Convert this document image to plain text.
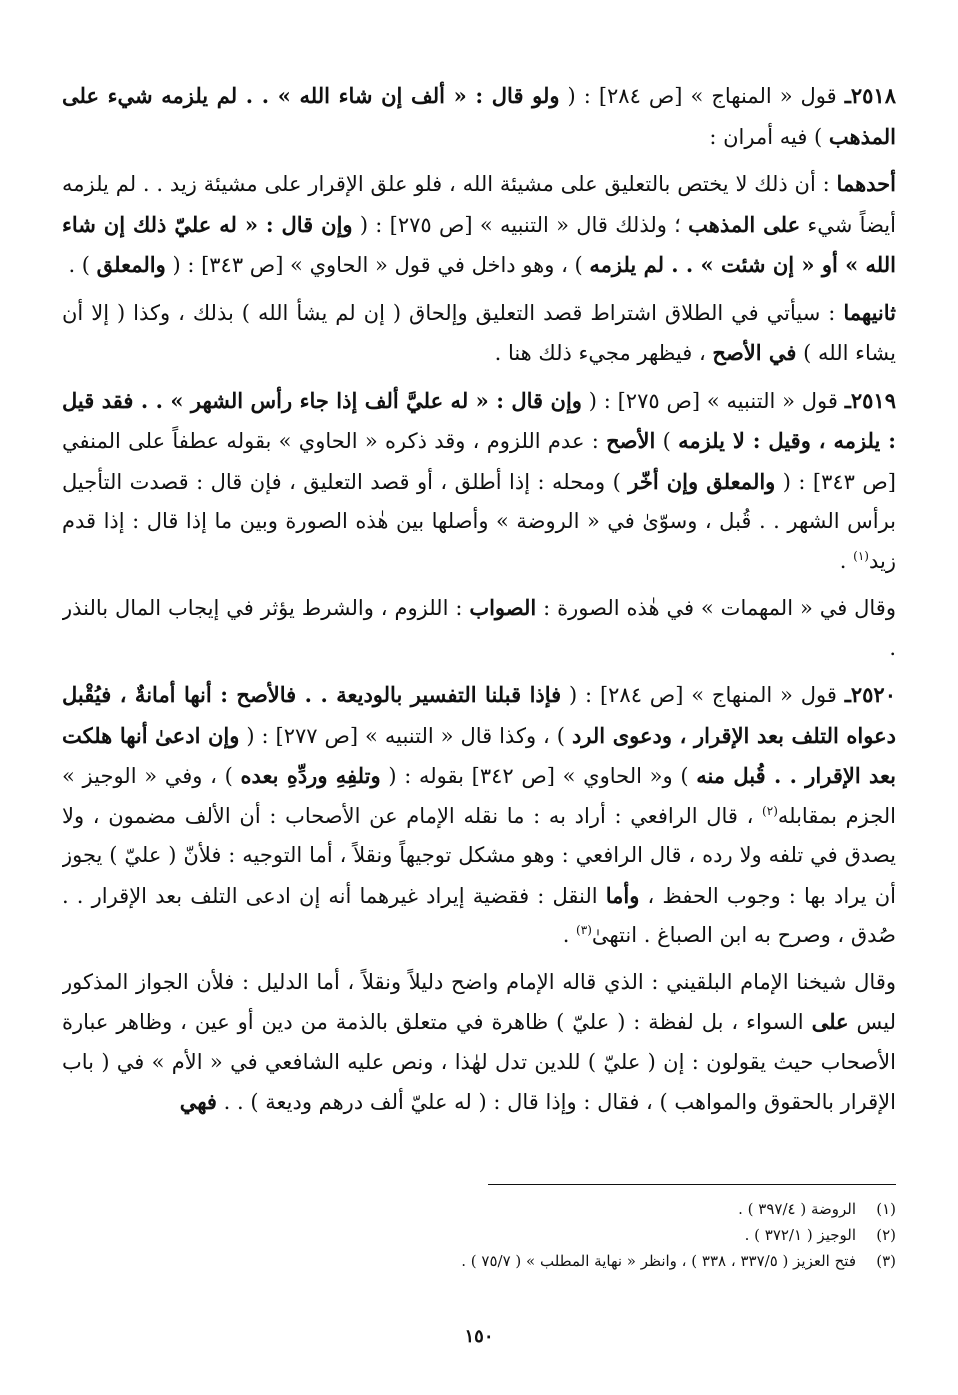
٢٥١٨ـ قول « المنهاج » [ص ٢٨٤] : ( ولو قال : « ألف إن شاء الله » . . لم يلزمه شيء على المذهب ) فيه أمران :

أحدهما : أن ذلك لا يختص بالتعليق على مشيئة الله ، فلو علق الإقرار على مشيئة زيد . . لم يلزمه أيضاً شيء على المذهب ؛ ولذلك قال « التنبيه » [ص ٢٧٥] : ( وإن قال : « له عليّ ذلك إن شاء الله » أو « إن شئت » . . لم يلزمه ) ، وهو داخل في قول « الحاوي » [ص ٣٤٣] : ( والمعلق ) .

ثانيهما : سيأتي في الطلاق اشتراط قصد التعليق وإلحاق ( إن لم يشأ الله ) بذلك ، وكذا ( إلا أن يشاء الله ) في الأصح ، فيظهر مجيء ذلك هنا .

٢٥١٩ـ قول « التنبيه » [ص ٢٧٥] : ( وإن قال : « له عليَّ ألف إذا جاء رأس الشهر » . . فقد قيل : يلزمه ، وقيل : لا يلزمه ) الأصح : عدم اللزوم ، وقد ذكره « الحاوي » بقوله عطفاً على المنفي [ص ٣٤٣] : ( والمعلق وإن أخّر ) ومحله : إذا أطلق ، أو قصد التعليق ، فإن قال : قصدت التأجيل برأس الشهر . . قُبل ، وسوّىٰ في « الروضة » وأصلها بين هٰذه الصورة وبين ما إذا قال : إذا قدم زيد$^{(١)}$ .

وقال في « المهمات » في هٰذه الصورة : الصواب : اللزوم ، والشرط يؤثر في إيجاب المال بالنذر .

٢٥٢٠ـ قول « المنهاج » [ص ٢٨٤] : ( فإذا قبلنا التفسير بالوديعة . . فالأصح : أنها أمانةٌ ، فيُقْبل دعواه التلف بعد الإقرار ، ودعوى الرد ) ، وكذا قال « التنبيه » [ص ٢٧٧] : ( وإن ادعىٰ أنها هلكت بعد الإقرار . . قُبل منه ) و« الحاوي » [ص ٣٤٢] بقوله : ( وتلفِهِ وردِّهِ بعده ) ، وفي « الوجيز » الجزم بمقابله$^{(٢)}$ ، قال الرافعي : أراد به : ما نقله الإمام عن الأصحاب : أن الألف مضمون ، ولا يصدق في تلفه ولا رده ، قال الرافعي : وهو مشكل توجيهاً ونقلاً ، أما التوجيه : فلأنّ ( عليّ ) يجوز أن يراد بها : وجوب الحفظ ، وأما النقل : فقضية إيراد غيرهما أنه إن ادعى التلف بعد الإقرار . . صُدق ، وصرح به ابن الصباغ . انتهىٰ$^{(٣)}$ .

وقال شيخنا الإمام البلقيني : الذي قاله الإمام واضح دليلاً ونقلاً ، أما الدليل : فلأن الجواز المذكور ليس على السواء ، بل لفظة : ( عليّ ) ظاهرة في متعلق بالذمة من دين أو عين ، وظاهر عبارة الأصحاب حيث يقولون : إن ( عليّ ) للدين تدل لهٰذا ، ونص عليه الشافعي في « الأم » في ( باب الإقرار بالحقوق والمواهب ) ، فقال : وإذا قال : ( له عليّ ألف درهم وديعة ) . . فهي

(١)
الروضة ( ٣٩٧/٤ ) .
(٢)
الوجيز ( ٣٧٢/١ ) .
(٣)
فتح العزيز ( ٣٣٧/٥ ، ٣٣٨ ) ، وانظر « نهاية المطلب » ( ٧٥/٧ ) .
١٥٠
